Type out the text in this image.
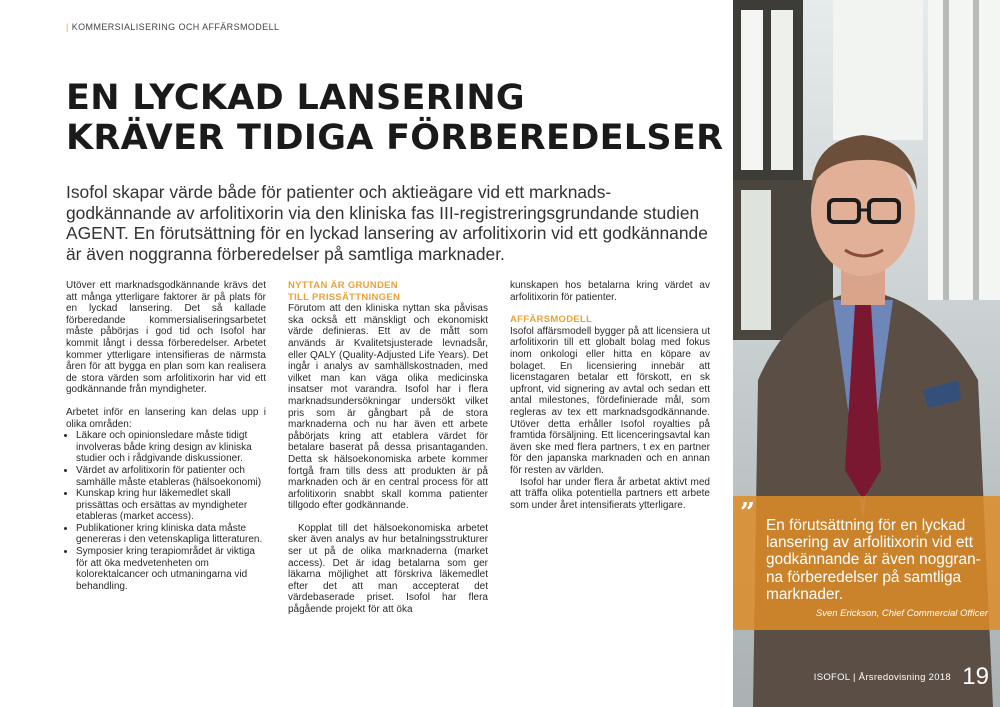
| KOMMERSIALISERING OCH AFFÄRSMODELL
EN LYCKAD LANSERING
KRÄVER TIDIGA FÖRBEREDELSER
Isofol skapar värde både för patienter och aktieägare vid ett marknads-
godkännande av arfolitixorin via den kliniska fas III-registreringsgrundande studien
AGENT. En förutsättning för en lyckad lansering av arfolitixorin vid ett godkännande
är även noggranna förberedelser på samtliga marknader.

Utöver ett marknadsgodkännande krävs det att många ytterligare faktorer är på plats för en lyckad lansering. Det så kallade förberedande kommersialiseringsarbetet måste påbörjas i god tid och Isofol har kommit långt i dessa förberedelser. Arbetet kommer ytterligare intensifieras de närmsta åren för att bygga en plan som kan realisera de stora värden som arfolitixorin har vid ett godkännande från myndigheter.

Arbetet inför en lansering kan delas upp i olika områden:

• Läkare och opinionsledare måste tidigt involveras både kring design av kliniska studier och i rådgivande diskussioner.
• Värdet av arfolitixorin för patienter och samhälle måste etableras (hälsoekonomi)
• Kunskap kring hur läkemedlet skall prissättas och ersättas av myndigheter etableras (market access).
• Publikationer kring kliniska data måste genereras i den vetenskapliga litteraturen.
• Symposier kring terapiområdet är viktiga för att öka medvetenheten om kolorektalcancer och utmaningarna vid behandling.
NYTTAN ÄR GRUNDEN
TILL PRISSÄTTNINGEN

Förutom att den kliniska nyttan ska påvisas ska också ett mänskligt och ekonomiskt värde definieras. Ett av de mått som används är Kvalitetsjusterade levnadsår, eller QALY (Quality-Adjusted Life Years). Det ingår i analys av samhällskostnaden, med vilket man kan väga olika medicinska insatser mot varandra. Isofol har i flera marknadsundersökningar undersökt vilket pris som är gångbart på de stora marknaderna och nu har även ett arbete påbörjats kring att etablera värdet för betalare baserat på dessa prisantaganden. Detta sk hälsoekonomiska arbete kommer fortgå fram tills dess att produkten är på marknaden och är en central process för att arfolitixorin snabbt skall komma patienter tillgodo efter godkännande.

Kopplat till det hälsoekonomiska arbetet sker även analys av hur betalningsstrukturer ser ut på de olika marknaderna (market access). Det är idag betalarna som ger läkarna möjlighet att förskriva läkemedlet efter det att man accepterat det värdebaserade priset. Isofol har flera pågående projekt för att öka

kunskapen hos betalarna kring värdet av arfolitixorin för patienter.

AFFÄRSMODELL

Isofol affärsmodell bygger på att licensiera ut arfolitixorin till ett globalt bolag med fokus inom onkologi eller hitta en köpare av bolaget. En licensiering innebär att licenstagaren betalar ett förskott, en sk upfront, vid signering av avtal och sedan ett antal milestones, fördefinierade mål, som regleras av tex ett marknadsgodkännande. Utöver detta erhåller Isofol royalties på framtida försäljning. Ett licenceringsavtal kan även ske med flera partners, t ex en partner för den japanska marknaden och en annan för resten av världen.

Isofol har under flera år arbetat aktivt med att träffa olika potentiella partners ett arbete som under året intensifierats ytterligare.	” En förutsättning för en lyckad
lansering av arfolitixorin vid ett
godkännande är även noggran-
na förberedelser på samtliga
marknader.
Sven Erickson, Chief Commercial Officer
ISOFOL | Årsredovisning 2018 19
